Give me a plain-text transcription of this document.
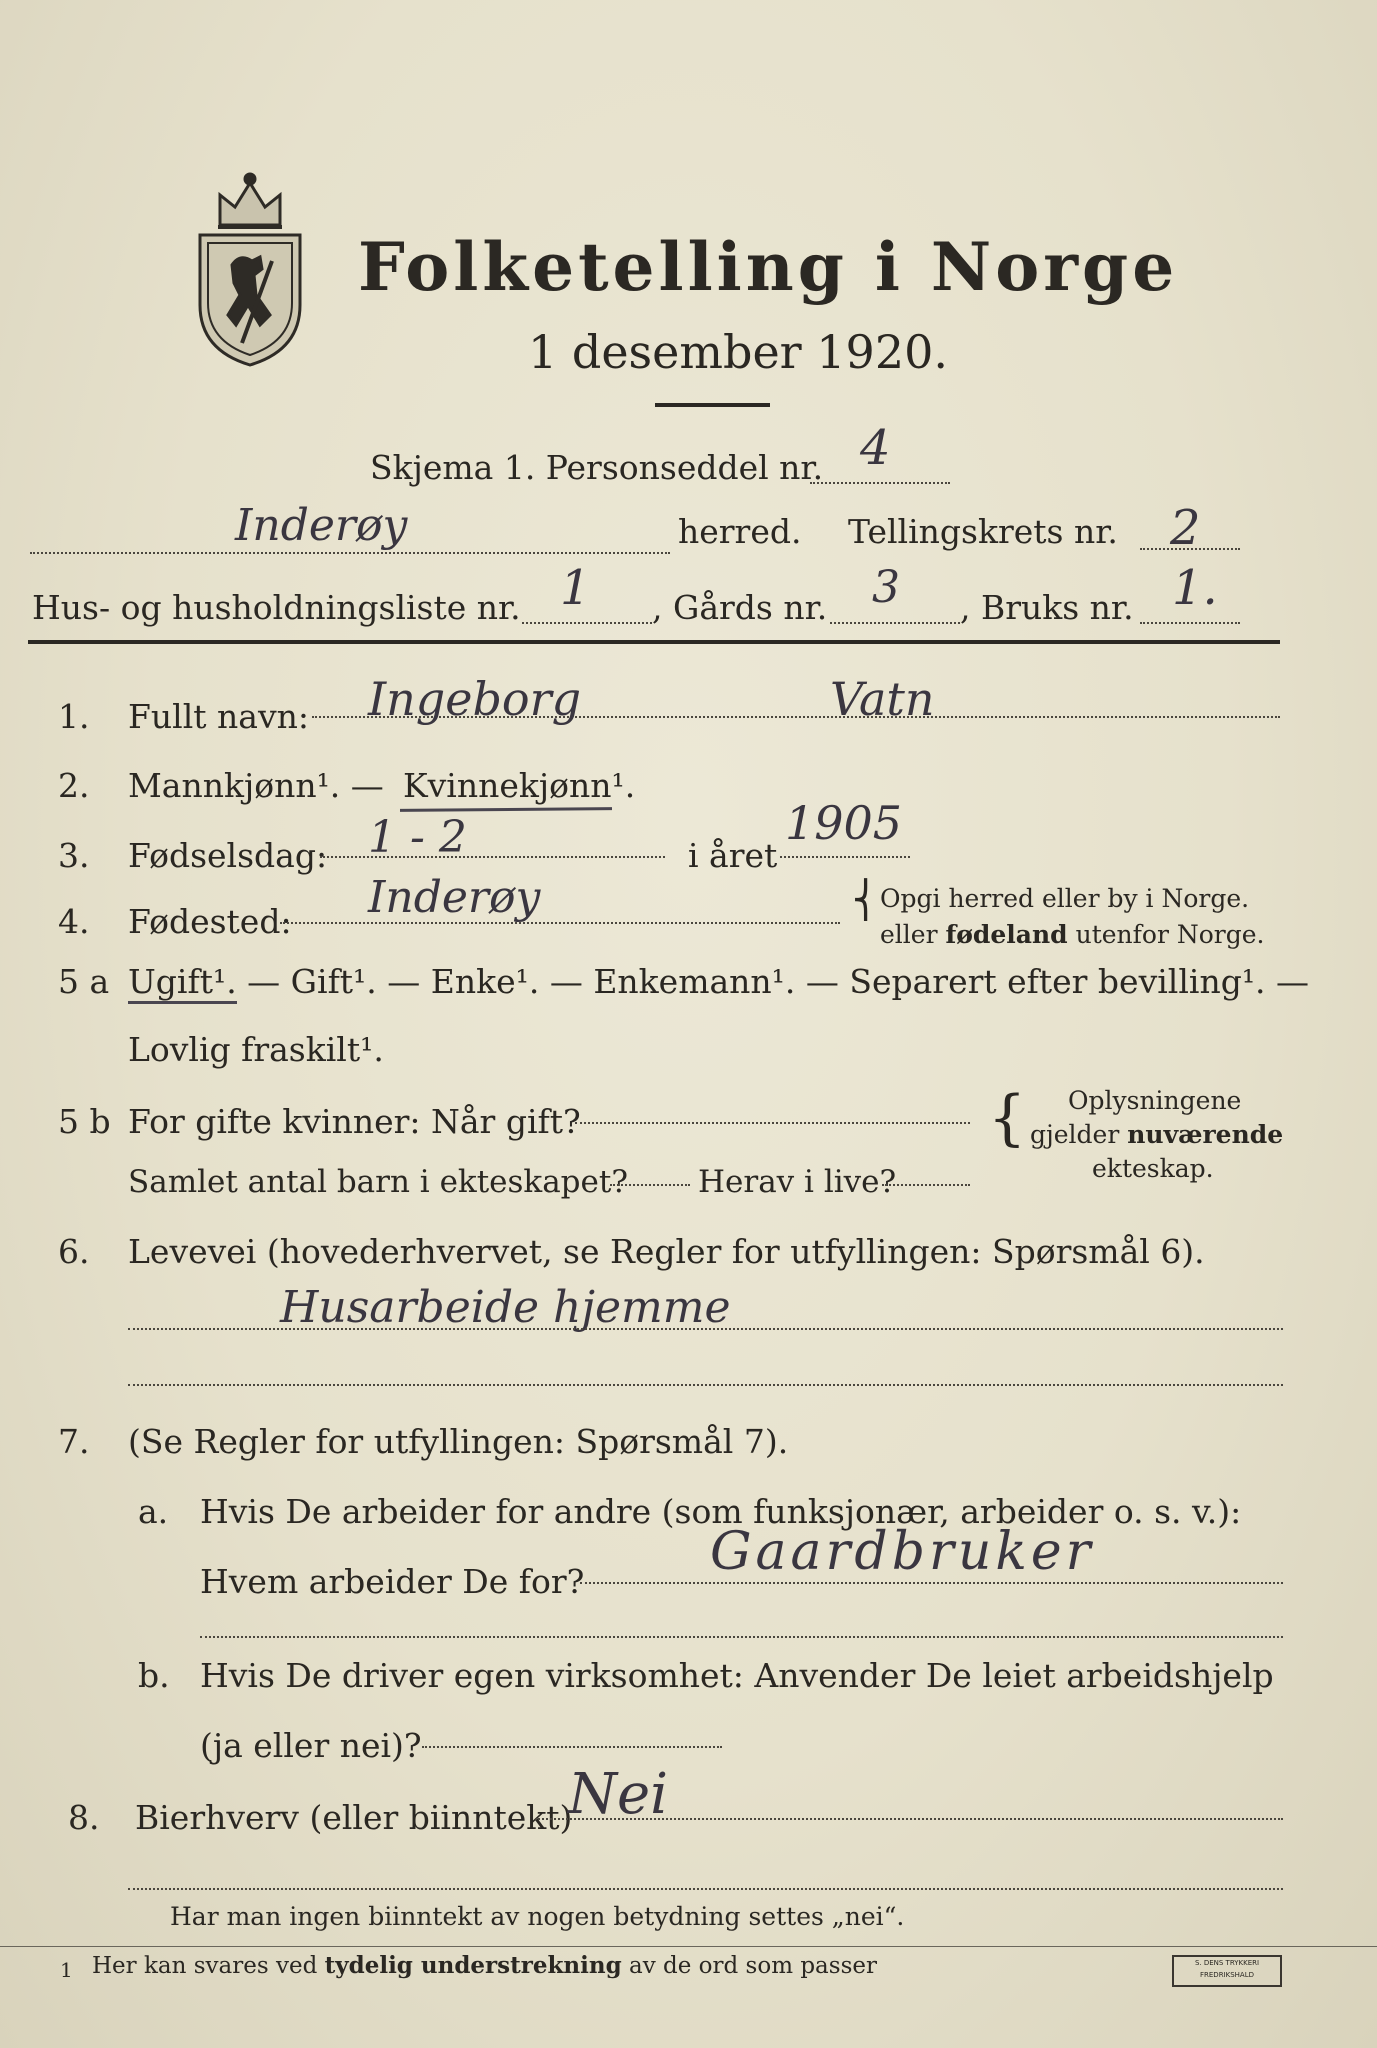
Folketelling i Norge
1 desember 1920.
Skjema 1. Personseddel nr. 4
Inderøy	herred. Tellingskrets nr. 2
Hus- og husholdningsliste nr. 1 , Gårds nr. 3 , Bruks nr. 1.
1. Fullt navn: Ingeborg	Vatn
2. Mannkjønn¹. — Kvinnekjønn¹.
3. Fødselsdag: 1 - 2	i året
1905
4. Fødested: Inderøy	⎨ Opgi herred eller by i Norge.
eller fødeland utenfor Norge.
5 a Ugift¹. — Gift¹. — Enke¹. — Enkemann¹. — Separert efter bevilling¹. —
Lovlig fraskilt¹.
5 b For gifte kvinner: Når gift?
Samlet antal barn i ekteskapet? Herav i live?
{ Oplysningene
gjelder nuværende
ekteskap.
6. Levevei (hovederhvervet, se Regler for utfyllingen: Spørsmål 6).
Husarbeide hjemme
7. (Se Regler for utfyllingen: Spørsmål 7).
a. Hvis De arbeider for andre (som funksjonær, arbeider o. s. v.):
Hvem arbeider De for? Gaardbruker
b. Hvis De driver egen virksomhet: Anvender De leiet arbeidshjelp
(ja eller nei)?
8. Bierhverv (eller biinntekt)
Nei
Har man ingen biinntekt av nogen betydning settes „nei“.
1 Her kan svares ved tydelig understrekning av de ord som passer	S. DENS TRYKKERI
FREDRIKSHALD
